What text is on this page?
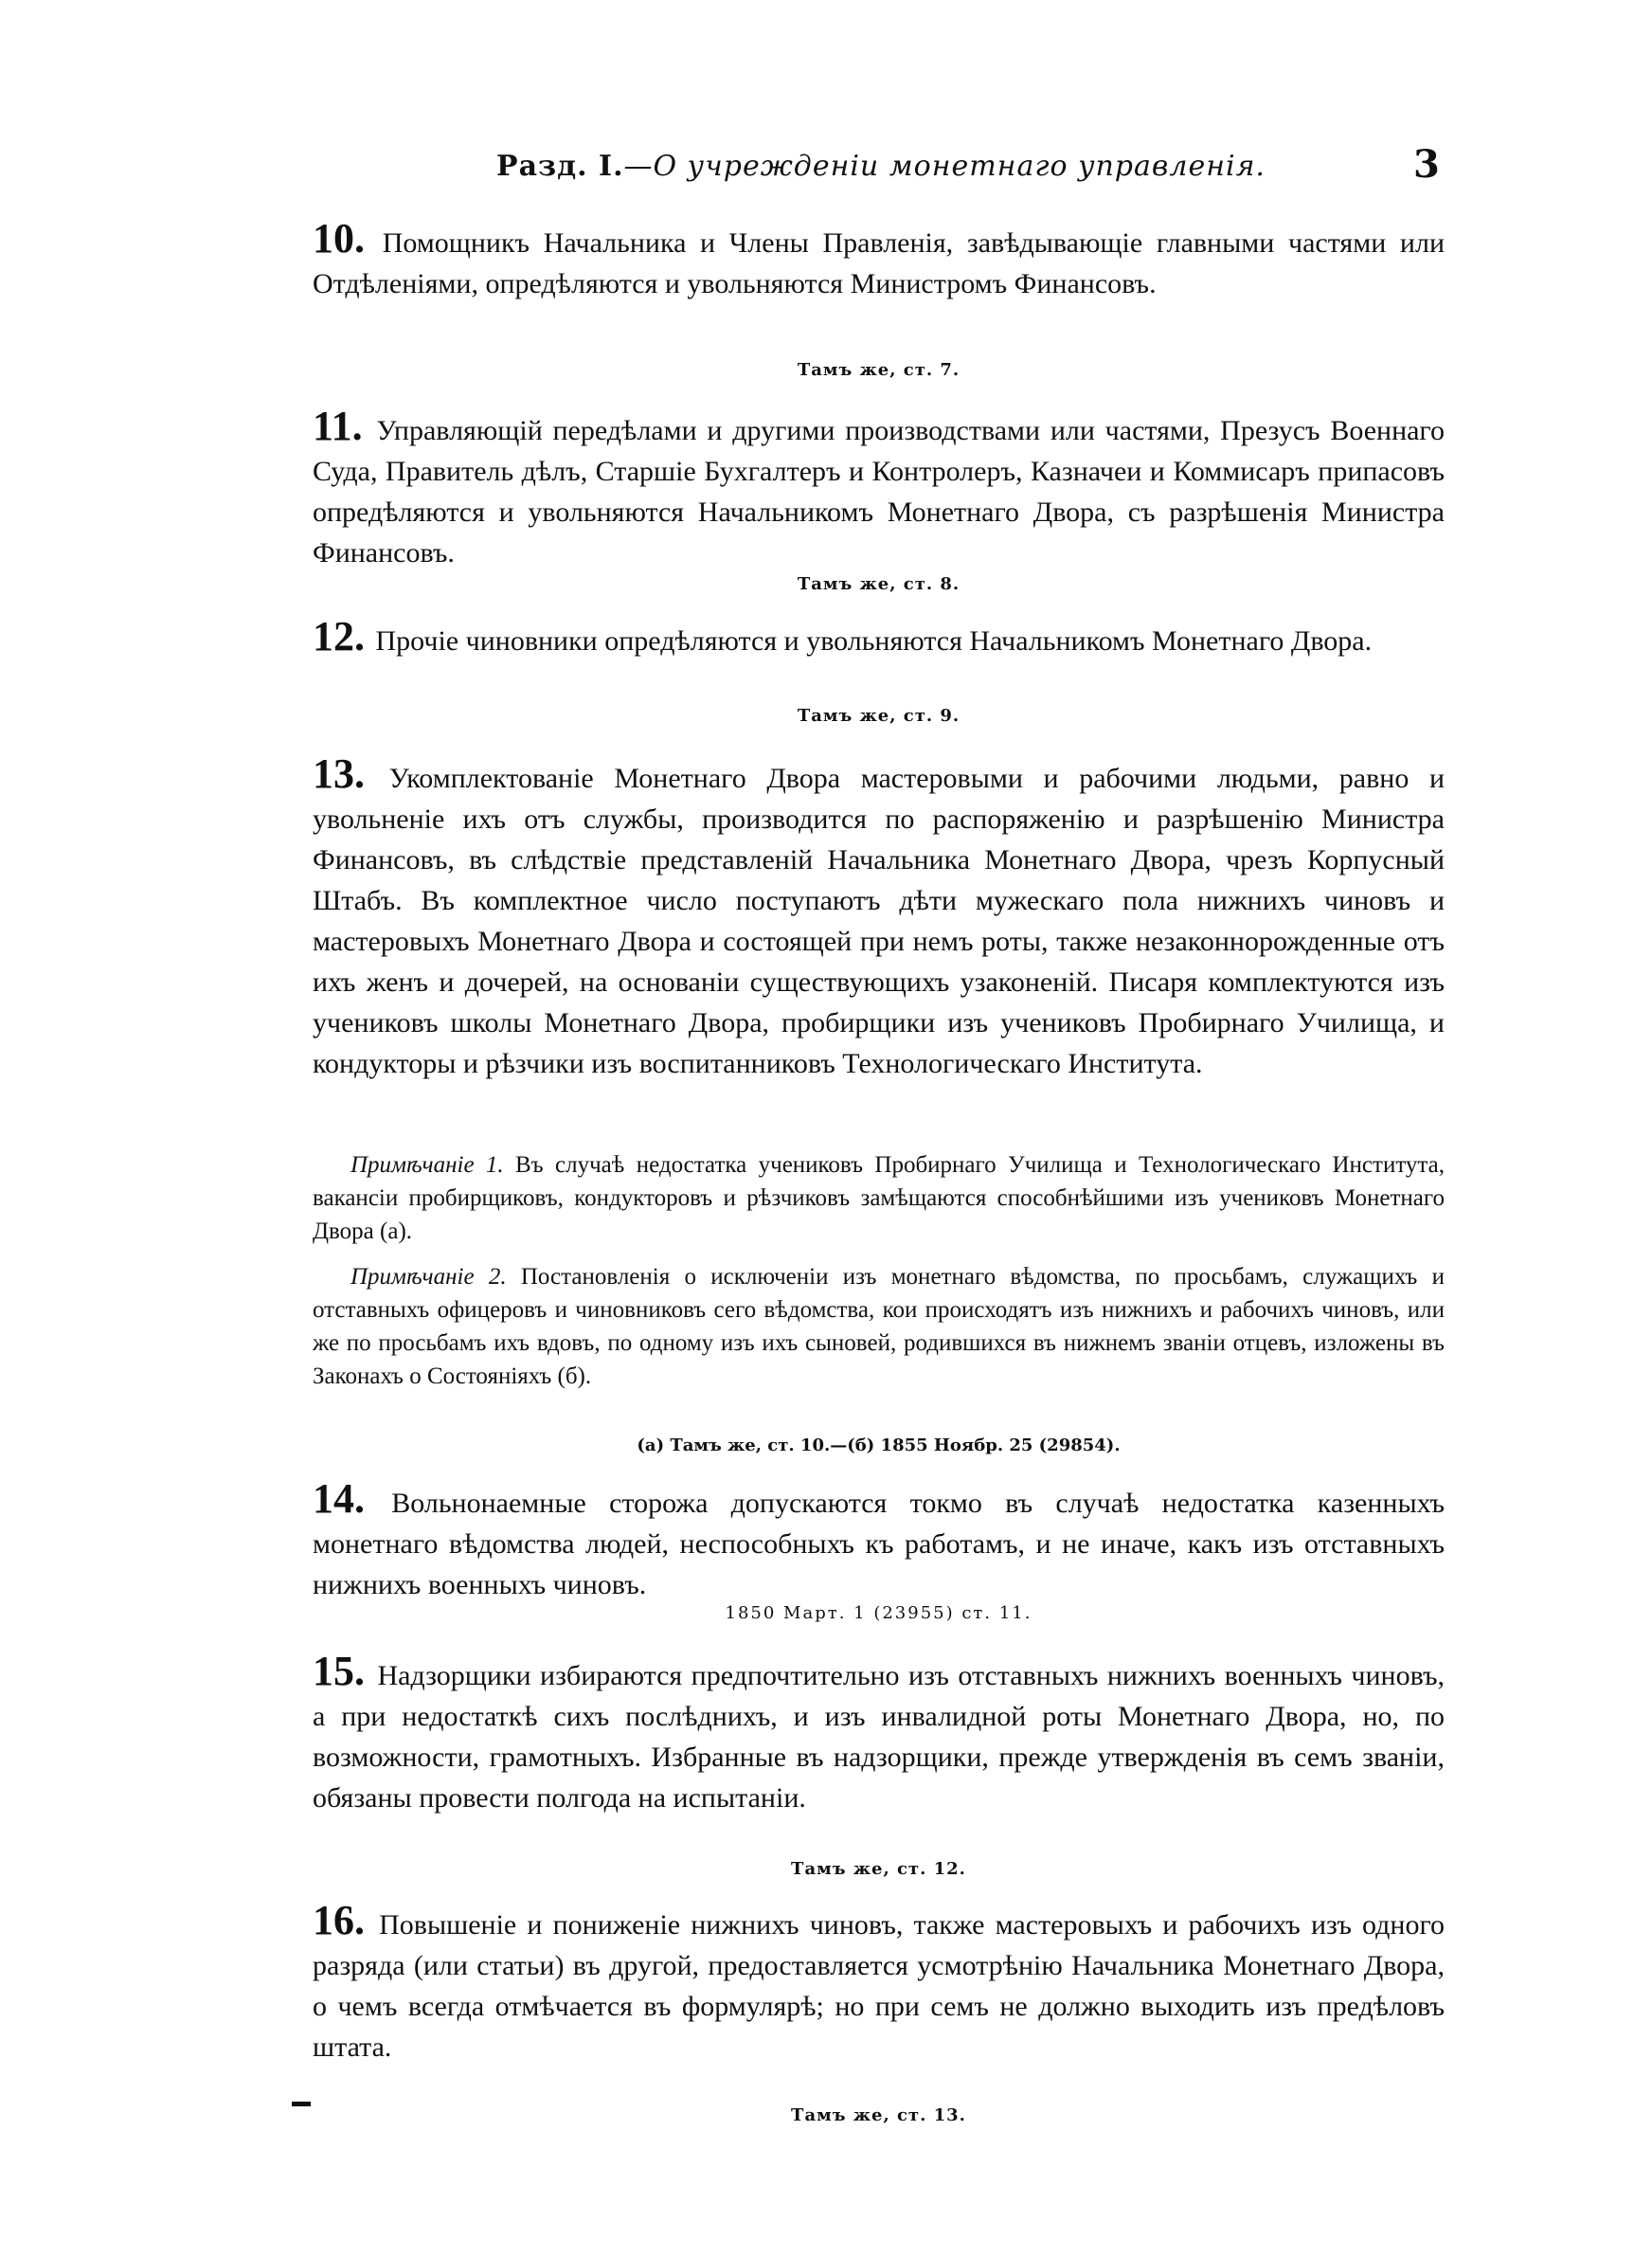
Разд. I.—О учрежденіи монетнаго управленія.	3
10. Помощникъ Начальника и Члены Правленія, завѣдывающіе главными частями или Отдѣленіями, опредѣляются и увольняются Министромъ Финансовъ.
Тамъ же, ст. 7.
11. Управляющій передѣлами и другими производствами или частями, Презусъ Военнаго Суда, Правитель дѣлъ, Старшіе Бухгалтеръ и Контролеръ, Казначеи и Коммисаръ припасовъ опредѣляются и увольняются Начальникомъ Монетнаго Двора, съ разрѣшенія Министра Финансовъ.
Тамъ же, ст. 8.
12. Прочіе чиновники опредѣляются и увольняются Начальникомъ Монетнаго Двора.
Тамъ же, ст. 9.
13. Укомплектованіе Монетнаго Двора мастеровыми и рабочими людьми, равно и увольненіе ихъ отъ службы, производится по распоряженію и разрѣшенію Министра Финансовъ, въ слѣдствіе представленій Начальника Монетнаго Двора, чрезъ Корпусный Штабъ. Въ комплектное число поступаютъ дѣти мужескаго пола нижнихъ чиновъ и мастеровыхъ Монетнаго Двора и состоящей при немъ роты, также незаконнорожденные отъ ихъ женъ и дочерей, на основаніи существующихъ узаконеній. Писаря комплектуются изъ учениковъ школы Монетнаго Двора, пробирщики изъ учениковъ Пробирнаго Училища, и кондукторы и рѣзчики изъ воспитанниковъ Технологическаго Института.
Примѣчаніе 1. Въ случаѣ недостатка учениковъ Пробирнаго Училища и Технологическаго Института, вакансіи пробирщиковъ, кондукторовъ и рѣзчиковъ замѣщаются способнѣйшими изъ учениковъ Монетнаго Двора (а).
Примѣчаніе 2. Постановленія о исключеніи изъ монетнаго вѣдомства, по просьбамъ, служащихъ и отставныхъ офицеровъ и чиновниковъ сего вѣдомства, кои происходятъ изъ нижнихъ и рабочихъ чиновъ, или же по просьбамъ ихъ вдовъ, по одному изъ ихъ сыновей, родившихся въ нижнемъ званіи отцевъ, изложены въ Законахъ о Состояніяхъ (б).
(а) Тамъ же, ст. 10.—(б) 1855 Ноябр. 25 (29854).
14. Вольнонаемные сторожа допускаются токмо въ случаѣ недостатка казенныхъ монетнаго вѣдомства людей, неспособныхъ къ работамъ, и не иначе, какъ изъ отставныхъ нижнихъ военныхъ чиновъ.
1850 Март. 1 (23955) ст. 11.
15. Надзорщики избираются предпочтительно изъ отставныхъ нижнихъ военныхъ чиновъ, а при недостаткѣ сихъ послѣднихъ, и изъ инвалидной роты Монетнаго Двора, но, по возможности, грамотныхъ. Избранные въ надзорщики, прежде утвержденія въ семъ званіи, обязаны провести полгода на испытаніи.
Тамъ же, ст. 12.
16. Повышеніе и пониженіе нижнихъ чиновъ, также мастеровыхъ и рабочихъ изъ одного разряда (или статьи) въ другой, предоставляется усмотрѣнію Начальника Монетнаго Двора, о чемъ всегда отмѣчается въ формулярѣ; но при семъ не должно выходить изъ предѣловъ штата.
Тамъ же, ст. 13.
